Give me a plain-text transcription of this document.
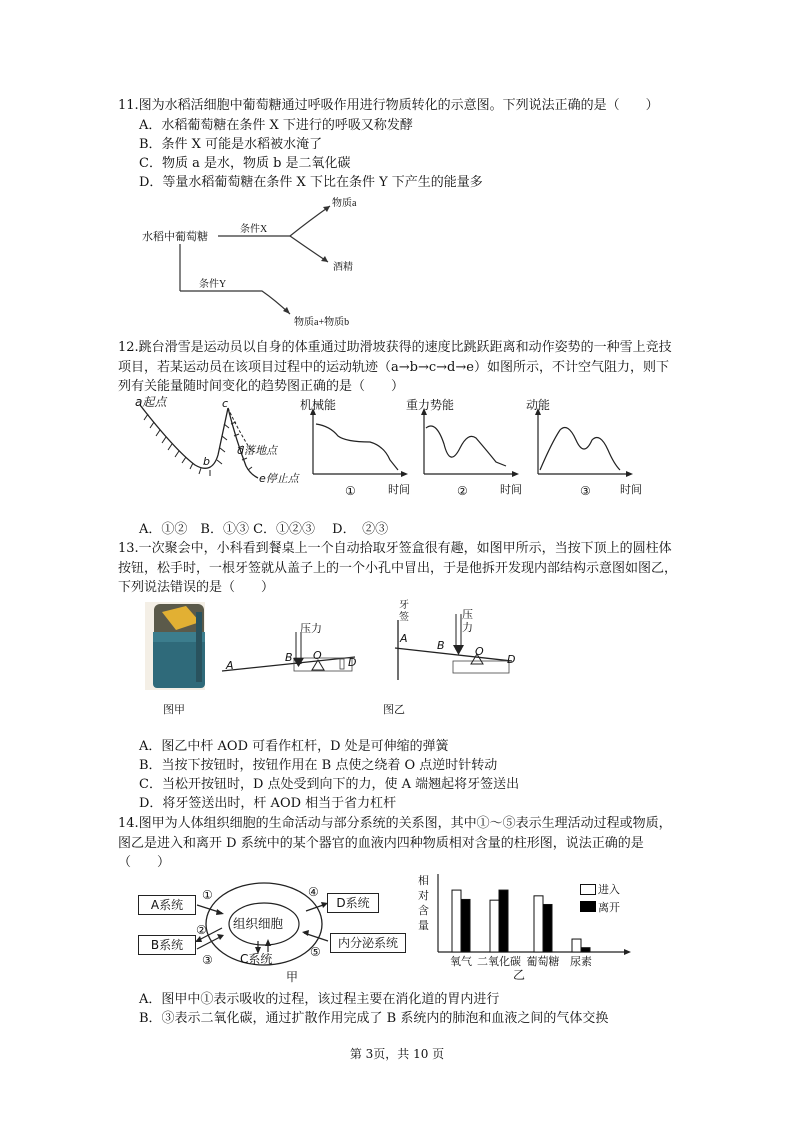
11.图为水稻活细胞中葡萄糖通过呼吸作用进行物质转化的示意图。下列说法正确的是（　　）
A．水稻葡萄糖在条件 X 下进行的呼吸又称发酵
B．条件 X 可能是水稻被水淹了
C．物质 a 是水，物质 b 是二氧化碳
D．等量水稻葡萄糖在条件 X 下比在条件 Y 下产生的能量多
水稻中葡萄糖
条件X
条件Y
物质a
酒精
物质a+物质b
12.跳台滑雪是运动员以自身的体重通过助滑坡获得的速度比跳跃距离和动作姿势的一种雪上竞技项目，若某运动员在该项目过程中的运动轨迹（a→b→c→d→e）如图所示，不计空气阻力，则下列有关能量随时间变化的趋势图正确的是（　　）
a起点
b
c
d落地点
e停止点
机械能
时间
①
重力势能
时间
②
动能
时间
③
A．①②　B．①③ C．①②③　 D．　②③
13.一次聚会中，小科看到餐桌上一个自动拾取牙签盒很有趣，如图甲所示，当按下顶上的圆柱体按钮，松手时，一根牙签就从盖子上的一个小孔中冒出，于是他拆开发现内部结构示意图如图乙，下列说法错误的是（　　）
图甲
压力
A
B O
D
牙签	压力
A
B	O
D
图乙
A．图乙中杆 AOD 可看作杠杆，D 处是可伸缩的弹簧
B．当按下按钮时，按钮作用在 B 点使之绕着 O 点逆时针转动
C．当松开按钮时，D 点处受到向下的力，使 A 端翘起将牙签送出
D．将牙签送出时，杆 AOD 相当于省力杠杆
14.图甲为人体组织细胞的生命活动与部分系统的关系图，其中①～⑤表示生理活动过程或物质，图乙是进入和离开 D 系统中的某个器官的血液内四种物质相对含量的柱形图，说法正确的是（　　）
A系统
B系统
D系统
内分泌系统
组织细胞
C系统
①
②
③
④
⑤
甲
相对含量
氧气 二氧化碳 葡萄糖 尿素
乙
进入
离开
A．图甲中①表示吸收的过程，该过程主要在消化道的胃内进行
B．③表示二氧化碳，通过扩散作用完成了 B 系统内的肺泡和血液之间的气体交换
第 3页，共 10 页
